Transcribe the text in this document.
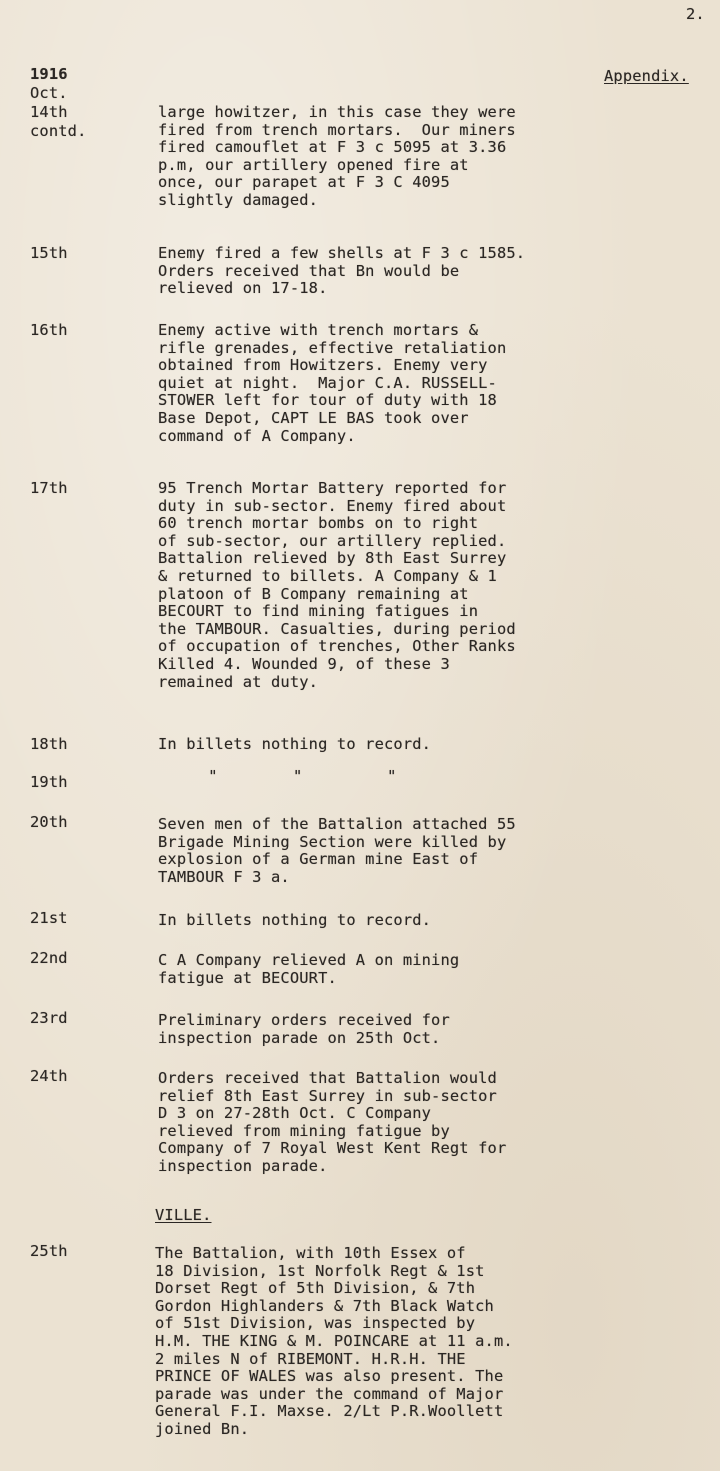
2.
Appendix.
1916
Oct.
contd.
14th	large howitzer, in this case they were
fired from trench mortars.  Our miners
fired camouflet at F 3 c 5095 at 3.36
p.m, our artillery opened fire at
once, our parapet at F 3 C 4095
slightly damaged.
15th	Enemy fired a few shells at F 3 c 1585.
Orders received that Bn would be
relieved on 17-18.
16th	Enemy active with trench mortars &
rifle grenades, effective retaliation
obtained from Howitzers. Enemy very
quiet at night.  Major C.A. RUSSELL-
STOWER left for tour of duty with 18
Base Depot, CAPT LE BAS took over
command of A Company.
17th	95 Trench Mortar Battery reported for
duty in sub-sector. Enemy fired about
60 trench mortar bombs on to right
of sub-sector, our artillery replied.
Battalion relieved by 8th East Surrey
& returned to billets. A Company & 1
platoon of B Company remaining at
BECOURT to find mining fatigues in
the TAMBOUR. Casualties, during period
of occupation of trenches, Other Ranks
Killed 4. Wounded 9, of these 3
remained at duty.
18th	In billets nothing to record.
19th	"        "         "
20th	Seven men of the Battalion attached 55
Brigade Mining Section were killed by
explosion of a German mine East of
TAMBOUR F 3 a.
21st	In billets nothing to record.
22nd	C A Company relieved A on mining
fatigue at BECOURT.
23rd	Preliminary orders received for
inspection parade on 25th Oct.
24th	Orders received that Battalion would
relief 8th East Surrey in sub-sector
D 3 on 27-28th Oct. C Company
relieved from mining fatigue by
Company of 7 Royal West Kent Regt for
inspection parade.
VILLE.
25th	The Battalion, with 10th Essex of
18 Division, 1st Norfolk Regt & 1st
Dorset Regt of 5th Division, & 7th
Gordon Highlanders & 7th Black Watch
of 51st Division, was inspected by
H.M. THE KING & M. POINCARE at 11 a.m.
2 miles N of RIBEMONT. H.R.H. THE
PRINCE OF WALES was also present. The
parade was under the command of Major
General F.I. Maxse. 2/Lt P.R.Woollett
joined Bn.
